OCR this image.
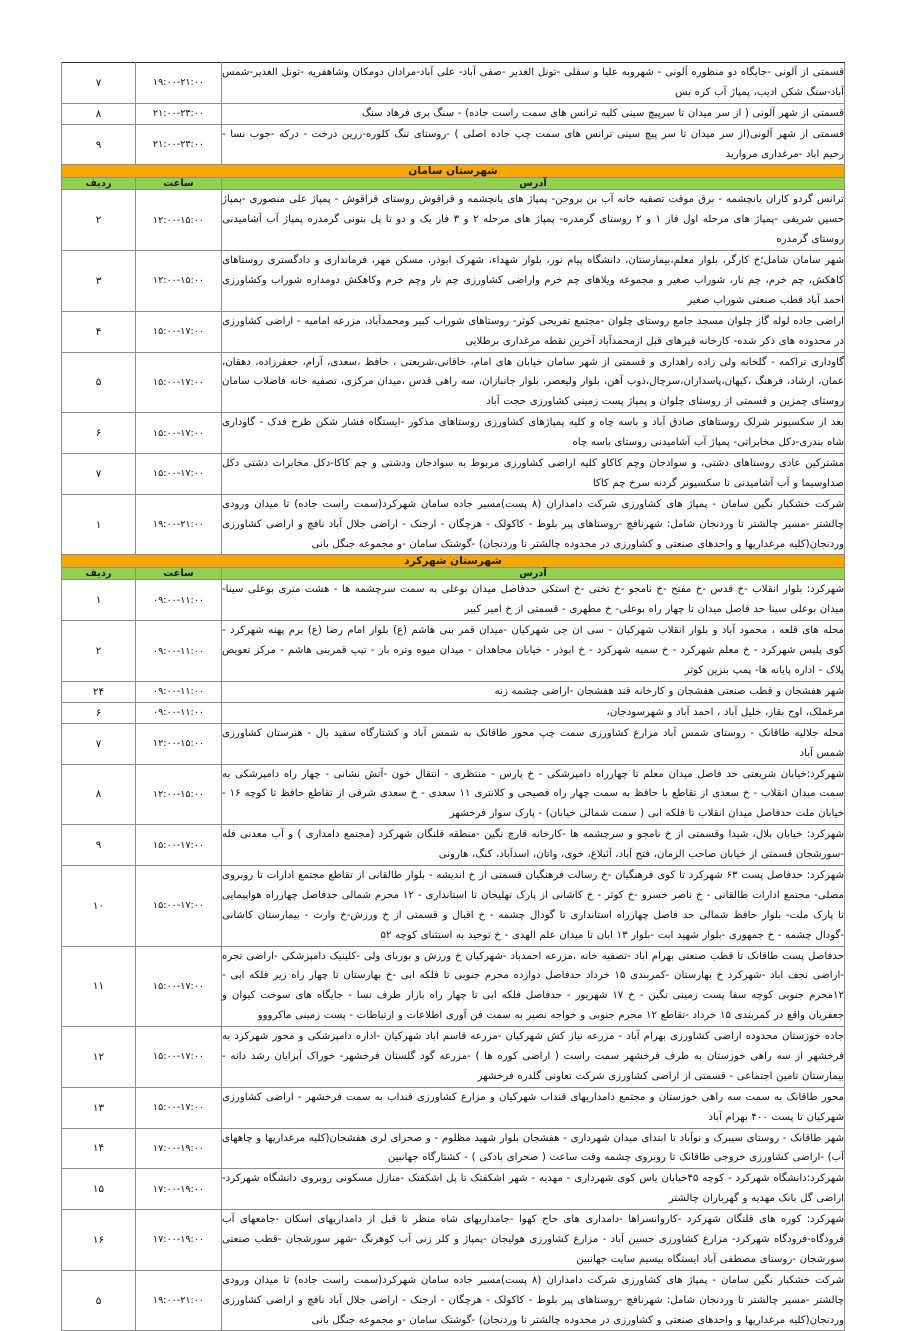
قسمتی از آلونی -جایگاه دو منظوره آلونی - شهروبه علیا و سفلی -تونل الغدیر -صفی آباد- علی آباد-مرادان دومکان وشاهفریه -تونل الغدیر-شمس آباد-سنگ شکن ادیب، پمپاژ آب کره بس	۱۹:۰۰-۲۱:۰۰	۷
قسمتی از شهر آلونی ( از سر میدان تا سرپیچ سینی کلیه ترانس های سمت راست جاده) - سنگ بری فرهاد سنگ	۲۱:۰۰-۲۳:۰۰	۸
قسمتی از شهر آلونی(از سر میدان تا سر پیچ سینی ترانس های سمت چپ جاده اصلی ) -روستای تنگ کلوره-زرین درخت - درکه -جوب نسا - رحیم اباد -مرغداری مروارید	۲۱:۰۰-۲۳:۰۰	۹
شهرستان سامان		
آدرس	ساعت	ردیف
ترانس گردو کاران یانچشمه - برق موقت تصفیه خانه آب بن بروجن- پمپاژ های یانچشمه و قراقوش روستای قراقوش - پمپاژ علی منصوری -پمپاژ حسین شریفی -پمپاژ های مرحله اول فاز ۱ و ۲ روستای گرمدره- پمپاژ های مرحله ۲ و ۳ فاز یک و دو تا پل بتونی گرمدره پمپاژ آب آشامیدنی روستای گرمدره	۱۲:۰۰-۱۵:۰۰	۲
شهر سامان شامل؛خ کارگر، بلوار معلم،بیمارستان، دانشگاه پیام نور، بلوار شهداء، شهرک ابوذر، مسکن مهر، فرمانداری و دادگستری روستاهای کاهکش، چم خرم، چم نار، شوراب صغیر و مجموعه ویلاهای چم خرم واراضی کشاورزی چم نار وچم خرم وکاهکش دومداره شوراب وکشاورزی احمد آباد قطب صنعتی شوراب صغیر	۱۲:۰۰-۱۵:۰۰	۳
اراضی جاده لوله گاز چلوان مسجد جامع روستای چلوان -مجتمع تفریحی کوثر- روستاهای شوراب کبیر ومحمدآباد، مزرعه امامیه - اراضی کشاورزی در محدوده های ذکر شده- کارخانه قیرهای قبل ازمحمدآباد آخرین نقطه مرغداری برطلایی	۱۵:۰۰-۱۷:۰۰	۴
گاوداری تراکمه - گلخانه ولی زاده راهداری و قسمتی از شهر سامان خیابان های امام، خاقانی،شریعتی ، حافظ ،سعدی، آرام، جعفرزاده، دهقان، عمان، ارشاد، فرهنگ ،کیهان،پاسداران،سرچال،ذوب آهن، بلوار ولیعصر، بلوار جانبازان، سه راهی قدس ،میدان مرکزی، تصفیه خانه فاضلاب سامان روستای چمزین و قسمتی از روستای چلوان و پمپاژ پست زمینی کشاورزی حجت آباد	۱۵:۰۰-۱۷:۰۰	۵
بعد از سکسیونر شرلک روستاهای صادق آباد و باسه چاه و کلیه پمپاژهای کشاورزی روستاهای مذکور -ایستگاه فشار شکن طرح فدک - گاوداری شاه بندری-دکل مخابراتی- پمپاژ آب آشامیدنی روستای باسه چاه	۱۵:۰۰-۱۷:۰۰	۶
مشترکین عادی روستاهای دشتی، و سوادجان وچم کاکاو کلیه اراضی کشاورزی مربوط به سوادجان ودشتی و چم کاکا-دکل مخابرات دشتی دکل صداوسیما و آب آشامیدنی تا سکسیونر گردنه سرخ چم کاکا	۱۵:۰۰-۱۷:۰۰	۷
شرکت خشکبار نگین سامان - پمپاژ های کشاورزی شرکت دامداران (۸ پست)مسیر جاده سامان شهرکرد(سمت راست جاده) تا میدان ورودی چالشتر -مسیر چالشتر تا وردنجان شامل: شهرنافچ -روستاهای پیر بلوط - کاکولک - هرچگان - ارجنک - اراضی جلال آباد نافچ و اراضی کشاورزی وردنجان(کلیه مرغداریها و واحدهای صنعتی و کشاورزی در محدوده چالشتر تا وردنجان) -گوشتک سامان -و مجموعه جنگل بانی	۱۹:۰۰-۲۱:۰۰	۱
شهرستان شهرکرد		
آدرس	ساعت	ردیف
شهرکرد: بلوار انقلاب -خ قدس -خ مفتح -خ نامجو -خ تختی -خ استکی حدفاصل میدان بوعلی به سمت سرچشمه ها - هشت متری بوعلی سینا- میدان بوعلی سینا حد فاصل میدان تا چهار راه بوعلی- خ مطهری - قسمتی از خ امیر کبیر	۰۹:۰۰-۱۱:۰۰	۱
محله های قلعه ، محمود آباد و بلوار انقلاب شهرکیان - سی ان جی شهرکیان -میدان قمر بنی هاشم (ع) بلوار امام رضا (ع) برم پهنه شهرکرد - کوی پلیس شهرکرد - خ معلم شهرکرد - خ سمیه شهرکرد - خ ابوذر - خیابان مجاهدان - میدان میوه وتره بار - تیپ قمربنی هاشم - مرکز تعویض پلاک - اداره پایانه ها- پمپ بنزین کوثر	۰۹:۰۰-۱۱:۰۰	۲
شهر هفشجان و قطب صنعتی هفشجان و کارخانه قند هفشجان -اراضی چشمه زنه	۰۹:۰۰-۱۱:۰۰	۲۴
مرغملک، اوج بقاز، خلیل آباد ، احمد آباد و شهرسودجان،	۰۹:۰۰-۱۱:۰۰	۶
محله جلالیه طاقانک - روستای شمس آباد مزارع کشاورزی سمت چپ محور طاقانک به شمس آباد و کشتارگاه سفید بال - هنرستان کشاورزی شمس آباد	۱۲:۰۰-۱۵:۰۰	۷
شهرکرد:خیابان شریعتی حد فاصل میدان معلم تا چهارراه دامپزشکی - خ پارس - منتظری - انتقال خون -آتش نشانی - چهار راه دامپزشکی به سمت میدان انقلاب - خ سعدی از تقاطع با حافظ به سمت چهار راه فصیحی و کلانتری ۱۱ سعدی - خ سعدی شرقی از تقاطع حافظ تا کوچه ۱۶ - خیابان ملت حدفاصل میدان انقلاب تا فلکه ابی ( سمت شمالی خیابان) - پارک سوار فرخشهر	۱۲:۰۰-۱۵:۰۰	۸
شهرکرد: خیابان بلال، شیدا وقسمتی از خ نامجو و سرچشمه ها -کارخانه قارچ نگین -منطقه قلنگان شهرکرد (مجتمع دامداری ) و آب معدنی فله -سورشجان قسمتی از خیابان صاحب الزمان، فتح آباد، آئبلاغ، خوی، واتان، اسدآباد، کنگ، هارونی	۱۵:۰۰-۱۷:۰۰	۹
شهرکرد: حدفاصل پست ۶۳ شهرکرد تا کوی فرهنگیان -خ رسالت فرهنگیان قسمتی از خ اندیشه - بلوار طالقانی از تقاطع مجتمع ادارات تا روبروی مصلی- مجتمع ادارات طالقانی - خ ناصر خسرو -خ کوثر - خ کاشانی از پارک تهلیجان تا استانداری - ۱۲ محرم شمالی حدفاصل چهارراه هواپیمایی تا پارک ملت- بلوار حافظ شمالی حد فاصل چهارراه استانداری تا گودال چشمه - خ اقبال و قسمتی از خ ورزش-خ وارث - بیمارستان کاشانی -گودال چشمه - خ جمهوری -بلوار شهید ابت -بلوار ۱۳ ابان تا میدان علم الهدی - خ توحید به استثنای کوچه ۵۲	۱۵:۰۰-۱۷:۰۰	۱۰
حدفاصل پست طاقانک تا قطب صنعتی بهرام اباد -تصفیه خانه ،مزرعه احمدباد -شهرکیان خ ورزش و بوربای ولی -کلینیک دامپزشکی -اراضی تجره -اراضی نجف اباد -شهرکرد خ بهارستان -کمربندی ۱۵ خرداد حدفاصل دوازده محرم جنوبی تا فلکه ابی -خ بهارستان تا چهار راه زیر فلکه ابی - ۱۲محرم جنوبی کوچه سفا پست زمینی نگین - خ ۱۷ شهریور - حدفاصل فلکه ابی تا چهار راه بازار طرف نسا - جایگاه های سوخت کیوان و جعفریان واقع در کمربندی ۱۵ خرداد -تقاطع ۱۲ محرم جنوبی و خواجه نصیر به سمت فن آوری اطلاعات و ارتباطات - پست زمینی ماکرووو	۱۵:۰۰-۱۷:۰۰	۱۱
جاده خوزستان محدوده اراضی کشاورزی بهرام آباد - مزرعه نیاز کش شهرکیان -مزرعه قاسم اباد شهرکیان -اداره دامپزشکی و محور شهرکرد به فرخشهر از سه راهی خوزستان به طرف فرخشهر سمت راست ( اراضی کوره ها ) -مزرعه گود گلستان فرخشهر- خوراک آبزایان رشد دانه - بیمارستان تامین اجتماعی - قسمتی از اراضی کشاورزی شرکت تعاونی گلدره فرخشهر	۱۵:۰۰-۱۷:۰۰	۱۲
محور طاقانک به سمت سه راهی خوزستان و مجتمع دامداریهای قنداب شهرکیان و مزارع کشاورزی قنداب به سمت فرخشهر - اراضی کشاورزی شهرکیان تا پست ۴۰۰ بهرام آباد	۱۵:۰۰-۱۷:۰۰	۱۳
شهر طاقانک - روستای سیبرک و نوآباد تا ابتدای میدان شهرداری - هفشجان بلوار شهید مظلوم - و صحرای لری هفشجان(کلیه مرغداریها و چاههای آب) -اراضی کشاورزی خروجی طاقانک تا روبروی چشمه وقت ساعت ( صحرای بادکی ) - کشتارگاه جهانبین	۱۷:۰۰-۱۹:۰۰	۱۴
شهرکرد:دانشگاه شهرکرد - کوچه ۴۵خیابان یاس کوی شهرداری - مهدیه - شهر اشکفتک تا پل اشکفتک -منازل مسکونی روبروی دانشگاه شهرکرد-اراضی گل بانک مهدیه و گهرباران چالشتر	۱۷:۰۰-۱۹:۰۰	۱۵
شهرکرد: کوره های قلنگان شهرکرد -کاروانسراها -دامداری های حاج کهوا -جامداریهای شاه منظر تا قبل از دامداریهای اسکان -جامعهای آب فرودگاه-فرودگاه شهرکرد- مزارع کشاورزی حسین آباد - مزارع کشاورزی هولیجان -پمپاژ و کلر زنی آب کوهرنگ -شهر سورشجان -قطب صنعتی سورشجان -روستای مصطفی آباد ایستگاه بیسیم سایت جهانبین	۱۷:۰۰-۱۹:۰۰	۱۶
شرکت خشکبار نگین سامان - پمپاژ های کشاورزی شرکت دامداران (۸ پست)مسیر جاده سامان شهرکرد(سمت راست جاده) تا میدان ورودی چالشتر -مسیر چالشتر تا وردنجان شامل: شهرنافچ -روستاهای پیر بلوط - کاکولک - هرچگان - ارجنک - اراضی جلال آباد نافچ و اراضی کشاورزی وردنجان(کلیه مرغداریها و واحدهای صنعتی و کشاورزی در محدوده چالشتر تا وردنجان) -گوشتک سامان -و مجموعه جنگل بانی	۱۹:۰۰-۲۱:۰۰	۵
